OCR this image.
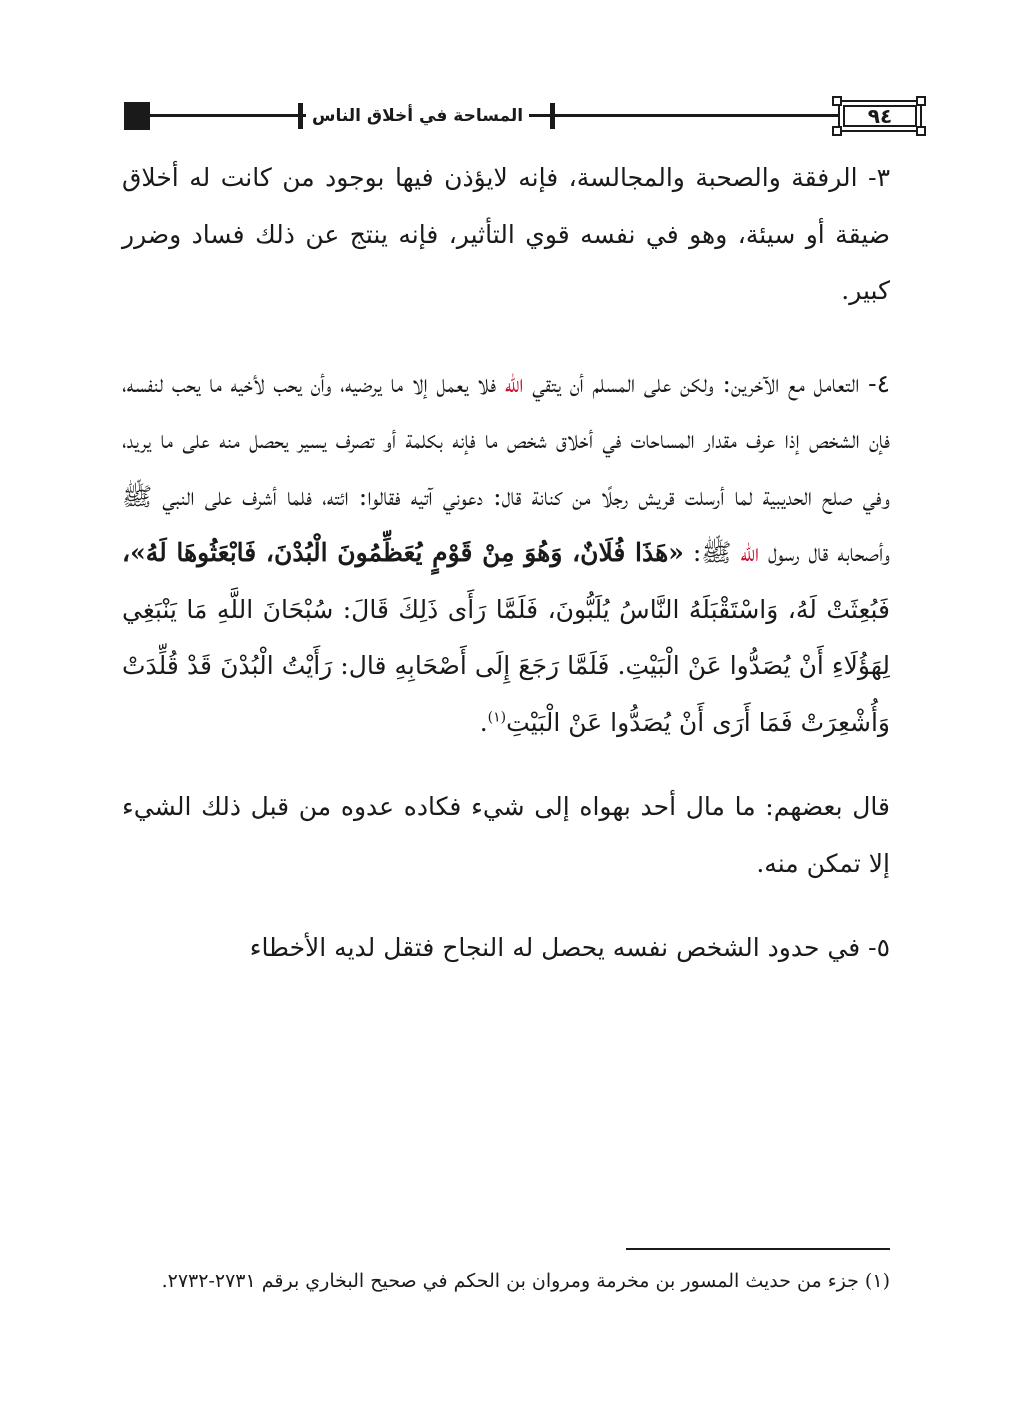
٩٤
المساحة في أخلاق الناس

٣- الرفقة والصحبة والمجالسة، فإنه لايؤذن فيها بوجود من كانت له أخلاق ضيقة أو سيئة، وهو في نفسه قوي التأثير، فإنه ينتج عن ذلك فساد وضرر كبير.

٤- التعامل مع الآخرين: ولكن على المسلم أن يتقي الله فلا يعمل إلا ما يرضيه، وأن يحب لأخيه ما يحب لنفسه، فإن الشخص إذا عرف مقدار المساحات في أخلاق شخص ما فإنه بكلمة أو تصرف يسير يحصل منه على ما يريد، وفي صلح الحديبية لما أرسلت قريش رجلًا من كنانة قال: دعوني آتيه فقالوا: ائته، فلما أشرف على النبي ﷺ وأصحابه قال رسول الله ﷺ: «هَذَا فُلَانٌ، وَهُوَ مِنْ قَوْمٍ يُعَظِّمُونَ الْبُدْنَ، فَابْعَثُوهَا لَهُ»، فَبُعِثَتْ لَهُ، وَاسْتَقْبَلَهُ النَّاسُ يُلَبُّونَ، فَلَمَّا رَأَى ذَلِكَ قَالَ: سُبْحَانَ اللَّهِ مَا يَنْبَغِي لِهَؤُلَاءِ أَنْ يُصَدُّوا عَنْ الْبَيْتِ. فَلَمَّا رَجَعَ إِلَى أَصْحَابِهِ قال: رَأَيْتُ الْبُدْنَ قَدْ قُلِّدَتْ وَأُشْعِرَتْ فَمَا أَرَى أَنْ يُصَدُّوا عَنْ الْبَيْتِ$^{(١)}$.

قال بعضهم: ما مال أحد بهواه إلى شيء فكاده عدوه من قبل ذلك الشيء إلا تمكن منه.

٥- في حدود الشخص نفسه يحصل له النجاح فتقل لديه الأخطاء

(١) جزء من حديث المسور بن مخرمة ومروان بن الحكم في صحيح البخاري برقم ٢٧٣١-٢٧٣٢.
